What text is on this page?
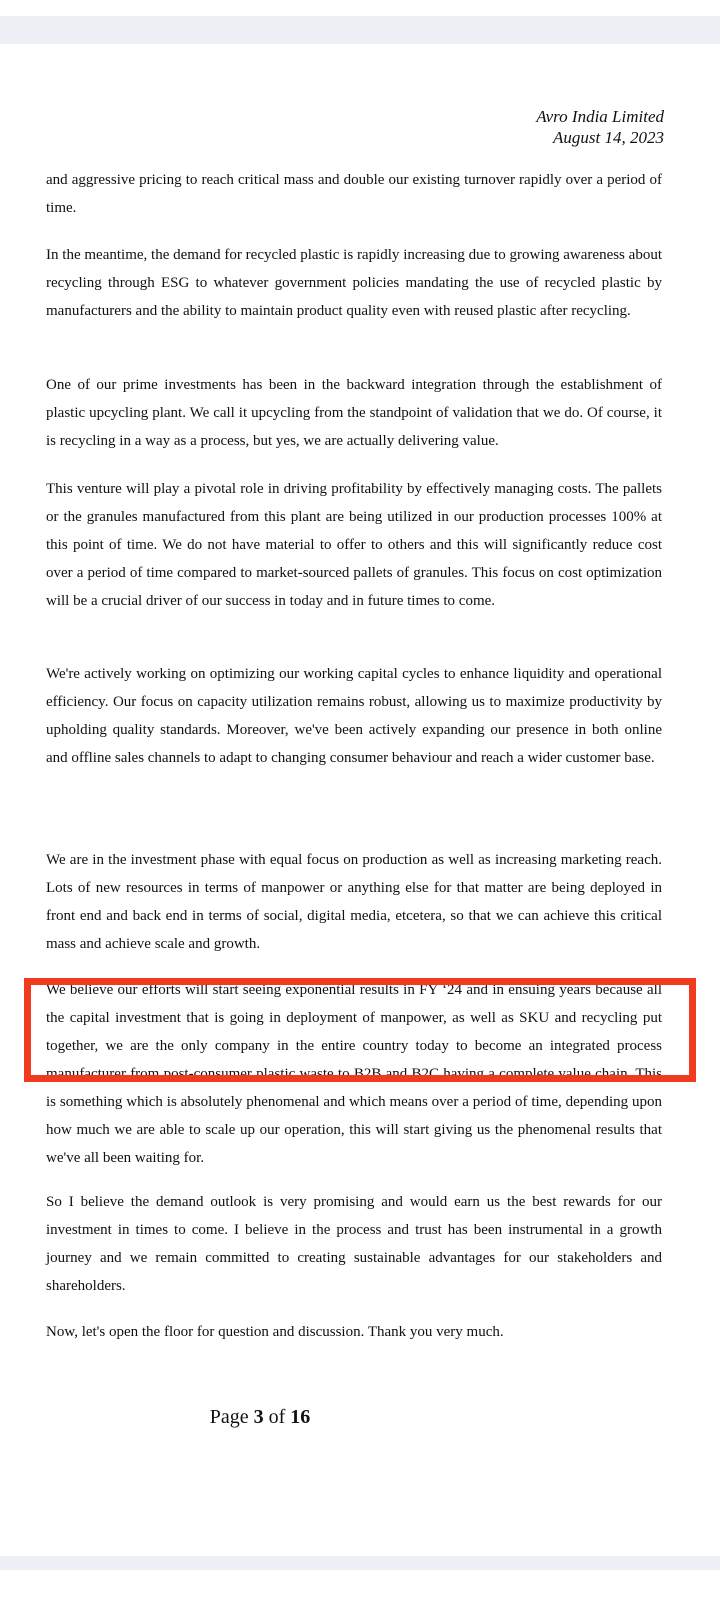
Avro India Limited
August 14, 2023

and aggressive pricing to reach critical mass and double our existing turnover rapidly over a period of time.

In the meantime, the demand for recycled plastic is rapidly increasing due to growing awareness about recycling through ESG to whatever government policies mandating the use of recycled plastic by manufacturers and the ability to maintain product quality even with reused plastic after recycling.

One of our prime investments has been in the backward integration through the establishment of plastic upcycling plant. We call it upcycling from the standpoint of validation that we do. Of course, it is recycling in a way as a process, but yes, we are actually delivering value.

This venture will play a pivotal role in driving profitability by effectively managing costs. The pallets or the granules manufactured from this plant are being utilized in our production processes 100% at this point of time. We do not have material to offer to others and this will significantly reduce cost over a period of time compared to market-sourced pallets of granules. This focus on cost optimization will be a crucial driver of our success in today and in future times to come.

We're actively working on optimizing our working capital cycles to enhance liquidity and operational efficiency. Our focus on capacity utilization remains robust, allowing us to maximize productivity by upholding quality standards. Moreover, we've been actively expanding our presence in both online and offline sales channels to adapt to changing consumer behaviour and reach a wider customer base.

We are in the investment phase with equal focus on production as well as increasing marketing reach. Lots of new resources in terms of manpower or anything else for that matter are being deployed in front end and back end in terms of social, digital media, etcetera, so that we can achieve this critical mass and achieve scale and growth.

We believe our efforts will start seeing exponential results in FY ‘24 and in ensuing years because all the capital investment that is going in deployment of manpower, as well as SKU and recycling put together, we are the only company in the entire country today to become an integrated process manufacturer from post-consumer plastic waste to B2B and B2C having a complete value chain. This is something which is absolutely phenomenal and which means over a period of time, depending upon how much we are able to scale up our operation, this will start giving us the phenomenal results that we've all been waiting for.

So I believe the demand outlook is very promising and would earn us the best rewards for our investment in times to come. I believe in the process and trust has been instrumental in a growth journey and we remain committed to creating sustainable advantages for our stakeholders and shareholders.

Now, let's open the floor for question and discussion. Thank you very much.

Page 3 of 16
